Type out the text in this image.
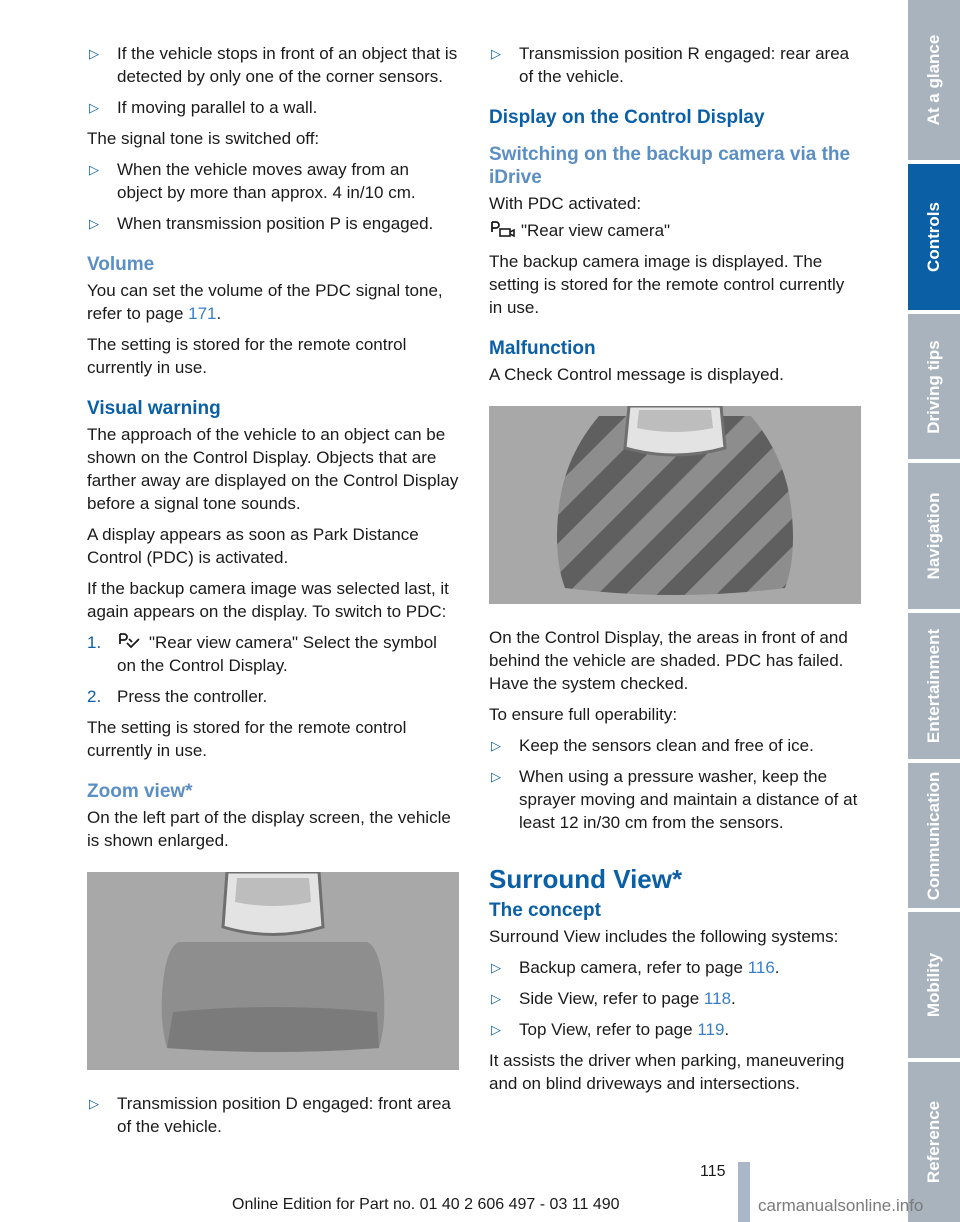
▷ If the vehicle stops in front of an object that is detected by only one of the corner sensors.
▷ If moving parallel to a wall.

The signal tone is switched off:

▷ When the vehicle moves away from an object by more than approx. 4 in/10 cm.
▷ When transmission position P is engaged.
Volume

You can set the volume of the PDC signal tone, refer to page 171.

The setting is stored for the remote control currently in use.

Visual warning

The approach of the vehicle to an object can be shown on the Control Display. Objects that are farther away are displayed on the Control Display before a signal tone sounds.

A display appears as soon as Park Distance Control (PDC) is activated.

If the backup camera image was selected last, it again appears on the display. To switch to PDC:

1.	"Rear view camera" Select the symbol on the Control Display.
2. Press the controller.

The setting is stored for the remote control currently in use.

Zoom view*

On the left part of the display screen, the vehicle is shown enlarged.

▷ Transmission position D engaged: front area of the vehicle.
▷ Transmission position R engaged: rear area of the vehicle.
Display on the Control Display
Switching on the backup camera via the iDrive

With PDC activated:

"Rear view camera"

The backup camera image is displayed. The setting is stored for the remote control currently in use.

Malfunction

A Check Control message is displayed.

On the Control Display, the areas in front of and behind the vehicle are shaded. PDC has failed. Have the system checked.

To ensure full operability:

▷ Keep the sensors clean and free of ice.
▷ When using a pressure washer, keep the sprayer moving and maintain a distance of at least 12 in/30 cm from the sensors.
Surround View*
The concept

Surround View includes the following systems:

▷ Backup camera, refer to page 116.
▷ Side View, refer to page 118.
▷ Top View, refer to page 119.

It assists the driver when parking, maneuvering and on blind driveways and intersections.

At a glance
Controls
Driving tips
Navigation
Entertainment
Communication
Mobility
Reference
115
Online Edition for Part no. 01 40 2 606 497 - 03 11 490	carmanualsonline.info
